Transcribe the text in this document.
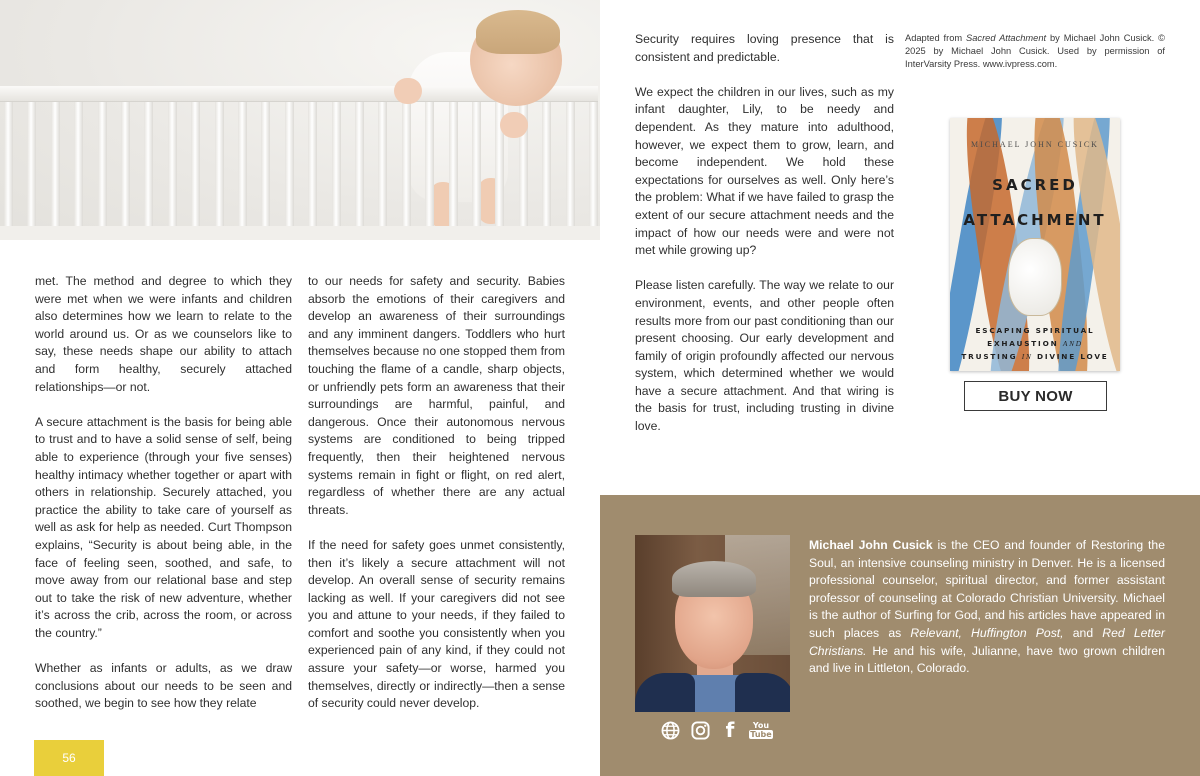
met. The method and degree to which they were met when we were infants and children also determines how we learn to relate to the world around us. Or as we counselors like to say, these needs shape our ability to attach and form healthy, securely attached relationships—or not.

A secure attachment is the basis for being able to trust and to have a solid sense of self, being able to experience (through your five senses) healthy intimacy whether together or apart with others in relationship. Securely attached, you practice the ability to take care of yourself as well as ask for help as needed. Curt Thompson explains, “Security is about being able, in the face of feeling seen, soothed, and safe, to move away from our relational base and step out to take the risk of new adventure, whether it’s across the crib, across the room, or across the country.”

Whether as infants or adults, as we draw conclusions about our needs to be seen and soothed, we begin to see how they relate

to our needs for safety and security. Babies absorb the emotions of their caregivers and develop an awareness of their surroundings and any imminent dangers. Toddlers who hurt themselves because no one stopped them from touching the flame of a candle, sharp objects, or unfriendly pets form an awareness that their surroundings are harmful, painful, and dangerous. Once their autonomous nervous systems are conditioned to being tripped frequently, then their heightened nervous systems remain in fight or flight, on red alert, regardless of whether there are any actual threats.

If the need for safety goes unmet consistently, then it’s likely a secure attachment will not develop. An overall sense of security remains lacking as well. If your caregivers did not see you and attune to your needs, if they failed to comfort and soothe you consistently when you experienced pain of any kind, if they could not assure your safety—or worse, harmed you themselves, directly or indirectly—then a sense of security could never develop.

Security requires loving presence that is consistent and predictable.

We expect the children in our lives, such as my infant daughter, Lily, to be needy and dependent. As they mature into adulthood, however, we expect them to grow, learn, and become independent. We hold these expectations for ourselves as well. Only here’s the problem: What if we have failed to grasp the extent of our secure attachment needs and the impact of how our needs were and were not met while growing up?

Please listen carefully. The way we relate to our environment, events, and other people often results more from our past conditioning than our present choosing. Our early development and family of origin profoundly affected our nervous system, which determined whether we would have a secure attachment. And that wiring is the basis for trust, including trusting in divine love.

Adapted from Sacred Attachment by Michael John Cusick. © 2025 by Michael John Cusick. Used by permission of InterVarsity Press. www.ivpress.com.
MICHAEL JOHN CUSICK
SACRED
ATTACHMENT
ESCAPING SPIRITUAL
EXHAUSTION AND
TRUSTING IN DIVINE LOVE
BUY NOW
Michael John Cusick is the CEO and founder of Restoring the Soul, an intensive counseling ministry in Denver. He is a licensed professional counselor, spiritual director, and former assistant professor of counseling at Colorado Christian University. Michael is the author of Surfing for God, and his articles have appeared in such places as Relevant, Huffington Post, and Red Letter Christians. He and his wife, Julianne, have two grown children and live in Littleton, Colorado.
f You
Tube
56
